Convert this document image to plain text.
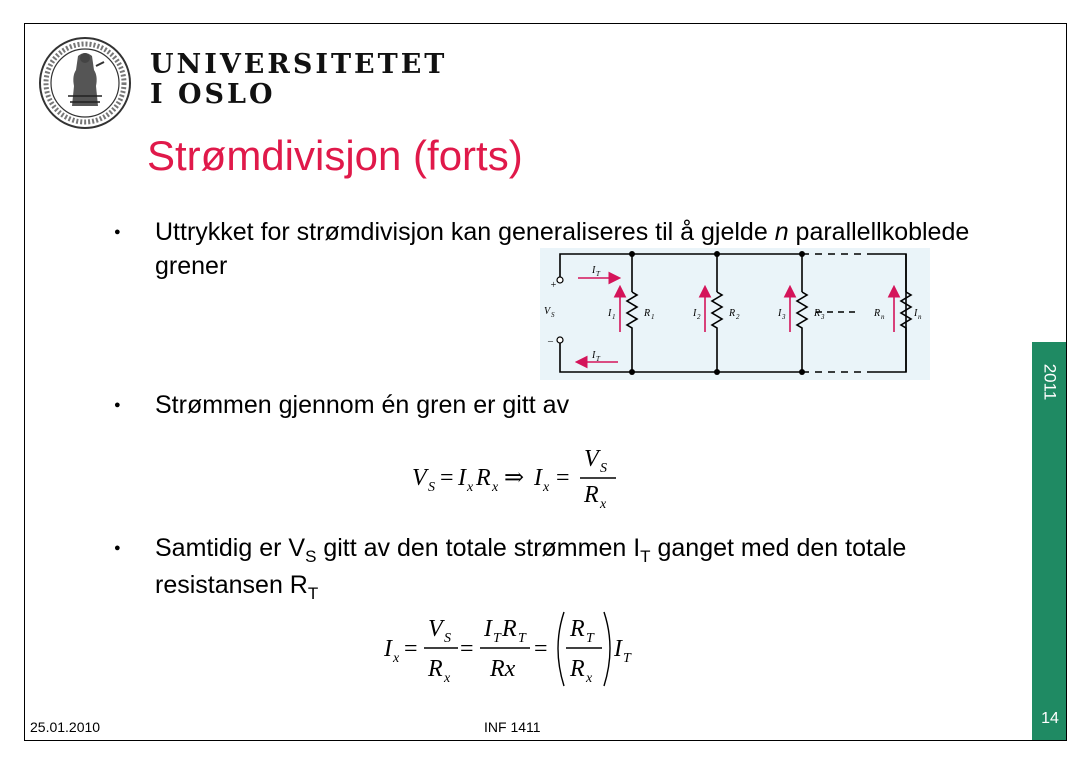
2011
14
UNIVERSITETET
I OSLO
Strømdivisjon (forts)
● Uttrykket for strømdivisjon kan generaliseres til å gjelde n parallellkoblede grener
+
–
V S
I T
I T
I 1	R 1	I 2	R 2	I 3	R 3	R n	I n
● Strømmen gjennom én gren er gitt av
V S = I x R x ⇒ I x =
V S
R x
● Samtidig er $V_S$ gitt av den totale strømmen $I_T$ ganget med den totale resistansen $R_T$
I x =
V S
R x
=
I T R T
Rx
=
R T
R x
I T
25.01.2010	INF 1411
